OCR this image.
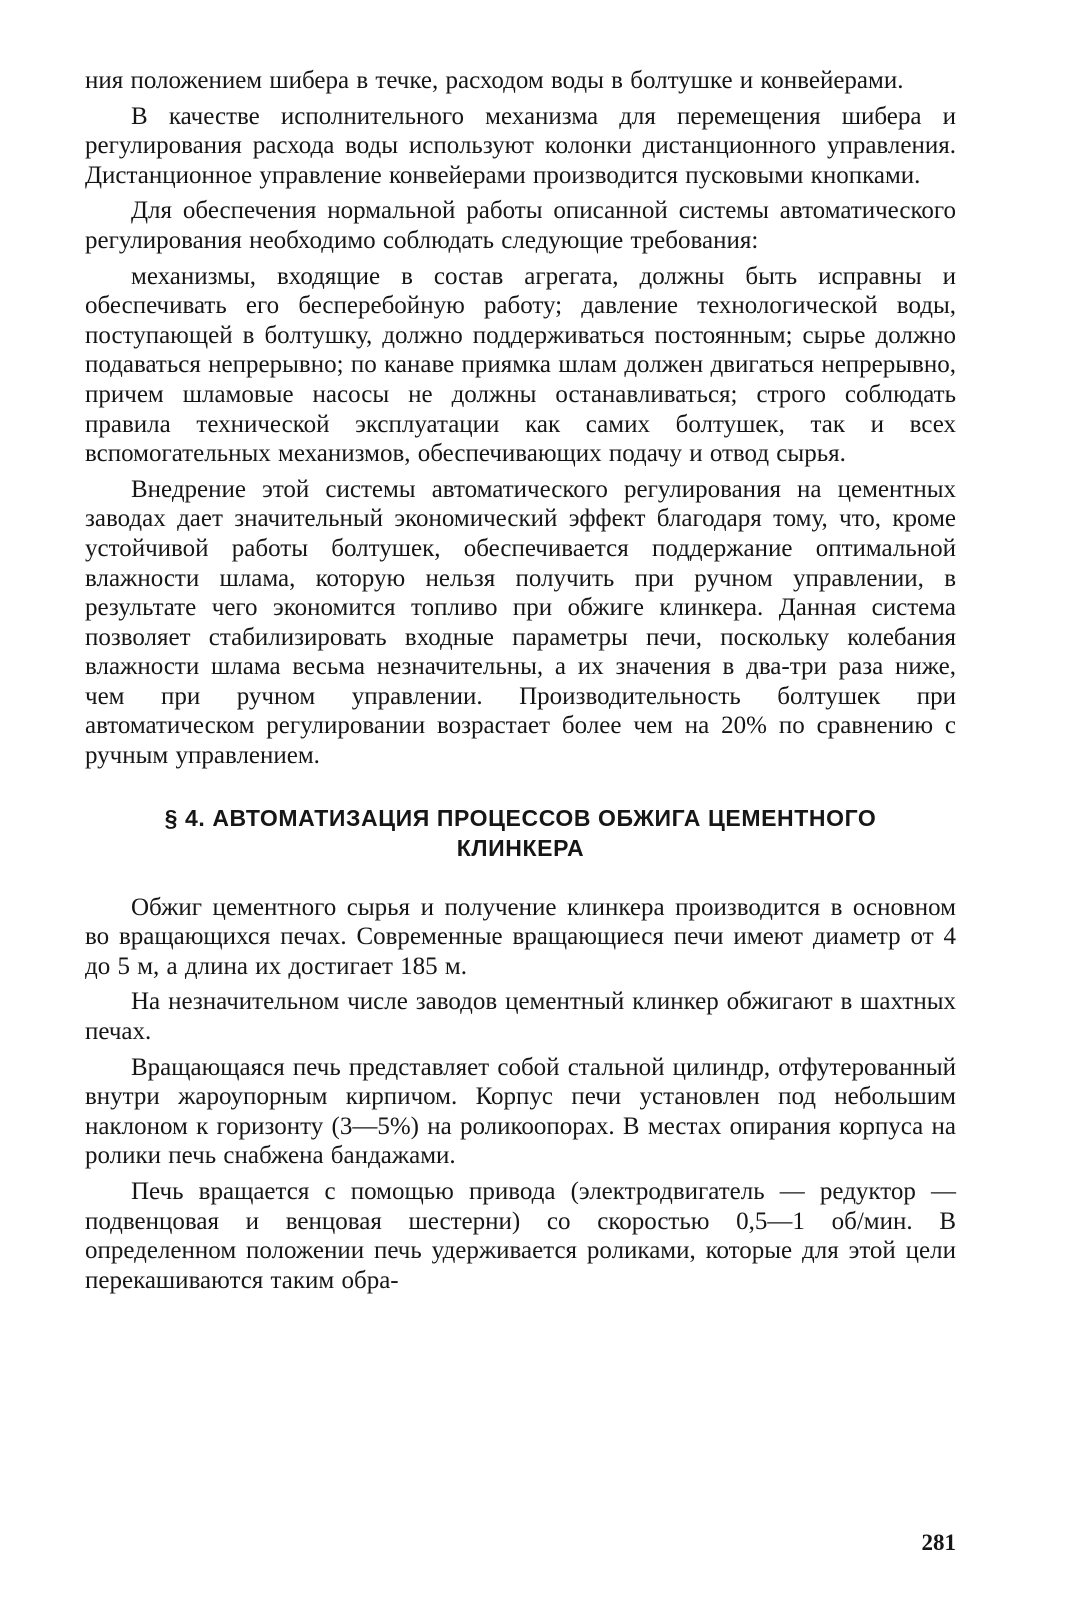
ния положением шибера в течке, расходом воды в болтушке и конвейерами.

В качестве исполнительного механизма для перемещения шибера и регулирования расхода воды используют колонки дистанционного управления. Дистанционное управление конвейерами производится пусковыми кнопками.

Для обеспечения нормальной работы описанной системы автоматического регулирования необходимо соблюдать следующие требования:

механизмы, входящие в состав агрегата, должны быть исправны и обеспечивать его бесперебойную работу; давление технологической воды, поступающей в болтушку, должно поддерживаться постоянным; сырье должно подаваться непрерывно; по канаве приямка шлам должен двигаться непрерывно, причем шламовые насосы не должны останавливаться; строго соблюдать правила технической эксплуатации как самих болтушек, так и всех вспомогательных механизмов, обеспечивающих подачу и отвод сырья.

Внедрение этой системы автоматического регулирования на цементных заводах дает значительный экономический эффект благодаря тому, что, кроме устойчивой работы болтушек, обеспечивается поддержание оптимальной влажности шлама, которую нельзя получить при ручном управлении, в результате чего экономится топливо при обжиге клинкера. Данная система позволяет стабилизировать входные параметры печи, поскольку колебания влажности шлама весьма незначительны, а их значения в два-три раза ниже, чем при ручном управлении. Производительность болтушек при автоматическом регулировании возрастает более чем на 20% по сравнению с ручным управлением.

§ 4. АВТОМАТИЗАЦИЯ ПРОЦЕССОВ ОБЖИГА ЦЕМЕНТНОГО
КЛИНКЕРА

Обжиг цементного сырья и получение клинкера производится в основном во вращающихся печах. Современные вращающиеся печи имеют диаметр от 4 до 5 м, а длина их достигает 185 м.

На незначительном числе заводов цементный клинкер обжигают в шахтных печах.

Вращающаяся печь представляет собой стальной цилиндр, отфутерованный внутри жароупорным кирпичом. Корпус печи установлен под небольшим наклоном к горизонту (3—5%) на роликоопорах. В местах опирания корпуса на ролики печь снабжена бандажами.

Печь вращается с помощью привода (электродвигатель — редуктор — подвенцовая и венцовая шестерни) со скоростью 0,5—1 об/мин. В определенном положении печь удерживается роликами, которые для этой цели перекашиваются таким обра-

281
